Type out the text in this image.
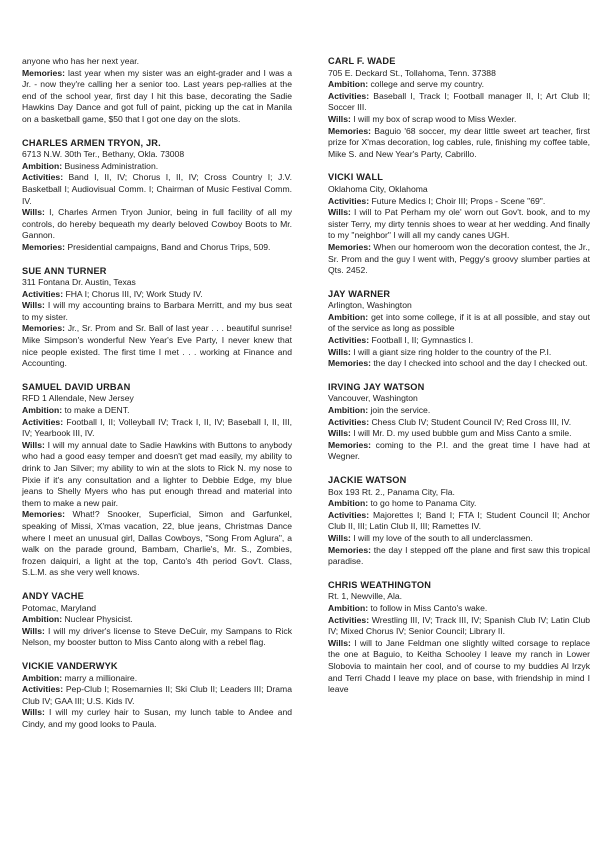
anyone who has her next year.

Memories: last year when my sister was an eight-grader and I was a Jr. - now they're calling her a senior too. Last years pep-rallies at the end of the school year, first day I hit this base, decorating the Sadie Hawkins Day Dance and got full of paint, picking up the cat in Manila on a basketball game, $50 that I got one day on the slots.

CHARLES ARMEN TRYON, JR.
6713 N.W. 30th Ter., Bethany, Okla. 73008

Ambition: Business Administration.

Activities: Band I, II, IV; Chorus I, II, IV; Cross Country I; J.V. Basketball I; Audiovisual Comm. I; Chairman of Music Festival Comm. IV.

Wills: I, Charles Armen Tryon Junior, being in full facility of all my controls, do hereby bequeath my dearly beloved Cowboy Boots to Mr. Gannon.

Memories: Presidential campaigns, Band and Chorus Trips, 509.

SUE ANN TURNER
311 Fontana Dr. Austin, Texas

Activities: FHA I; Chorus III, IV; Work Study IV.

Wills: I will my accounting brains to Barbara Merritt, and my bus seat to my sister.

Memories: Jr., Sr. Prom and Sr. Ball of last year . . . beautiful sunrise! Mike Simpson's wonderful New Year's Eve Party, I never knew that nice people existed. The first time I met . . . working at Finance and Accounting.

SAMUEL DAVID URBAN
RFD 1 Allendale, New Jersey

Ambition: to make a DENT.

Activities: Football I, II; Volleyball IV; Track I, II, IV; Baseball I, II, III, IV; Yearbook III, IV.

Wills: I will my annual date to Sadie Hawkins with Buttons to anybody who had a good easy temper and doesn't get mad easily, my ability to drink to Jan Silver; my ability to win at the slots to Rick N. my nose to Pixie if it's any consultation and a lighter to Debbie Edge, my blue jeans to Shelly Myers who has put enough thread and material into them to make a new pair.

Memories: What!? Snooker, Superficial, Simon and Garfunkel, speaking of Missi, X'mas vacation, 22, blue jeans, Christmas Dance where I meet an unusual girl, Dallas Cowboys, "Song From Aglura", a walk on the parade ground, Bambam, Charlie's, Mr. S., Zombies, frozen daiquiri, a light at the top, Canto's 4th period Gov't. Class, S.L.M. as she very well knows.

ANDY VACHE
Potomac, Maryland

Ambition: Nuclear Physicist.

Wills: I will my driver's license to Steve DeCuir, my Sampans to Rick Nelson, my booster button to Miss Canto along with a rebel flag.

VICKIE VANDERWYK

Ambition: marry a millionaire.

Activities: Pep-Club I; Rosemarnies II; Ski Club II; Leaders III; Drama Club IV; GAA III; U.S. Kids IV.

Wills: I will my curley hair to Susan, my lunch table to Andee and Cindy, and my good looks to Paula.

CARL F. WADE
705 E. Deckard St., Tollahoma, Tenn. 37388

Ambition: college and serve my country.

Activities: Baseball I, Track I; Football manager II, I; Art Club II; Soccer III.

Wills: I will my box of scrap wood to Miss Wexler.

Memories: Baguio '68 soccer, my dear little sweet art teacher, first prize for X'mas decoration, log cables, rule, finishing my coffee table, Mike S. and New Year's Party, Cabrillo.

VICKI WALL
Oklahoma City, Oklahoma

Activities: Future Medics I; Choir III; Props - Scene "69".

Wills: I will to Pat Perham my ole' worn out Gov't. book, and to my sister Terry, my dirty tennis shoes to wear at her wedding. And finally to my "neighbor" I will all my candy canes UGH.

Memories: When our homeroom won the decoration contest, the Jr., Sr. Prom and the guy I went with, Peggy's groovy slumber parties at Qts. 2452.

JAY WARNER
Arlington, Washington

Ambition: get into some college, if it is at all possible, and stay out of the service as long as possible

Activities: Football I, II; Gymnastics I.

Wills: I will a giant size ring holder to the country of the P.I.

Memories: the day I checked into school and the day I checked out.

IRVING JAY WATSON
Vancouver, Washington

Ambition: join the service.

Activities: Chess Club IV; Student Council IV; Red Cross III, IV.

Wills: I will Mr. D. my used bubble gum and Miss Canto a smile.

Memories: coming to the P.I. and the great time I have had at Wegner.

JACKIE WATSON
Box 193 Rt. 2., Panama City, Fla.

Ambition: to go home to Panama City.

Activities: Majorettes I; Band I; FTA I; Student Council II; Anchor Club II, III; Latin Club II, III; Ramettes IV.

Wills: I will my love of the south to all underclassmen.

Memories: the day I stepped off the plane and first saw this tropical paradise.

CHRIS WEATHINGTON
Rt. 1, Newville, Ala.

Ambition: to follow in Miss Canto's wake.

Activities: Wrestling III, IV; Track III, IV; Spanish Club IV; Latin Club IV; Mixed Chorus IV; Senior Council; Library II.

Wills: I will to Jane Feldman one slightly wilted corsage to replace the one at Baguio, to Keitha Schooley I leave my ranch in Lower Slobovia to maintain her cool, and of course to my buddies Al Irzyk and Terri Chadd I leave my place on base, with friendship in mind I leave
